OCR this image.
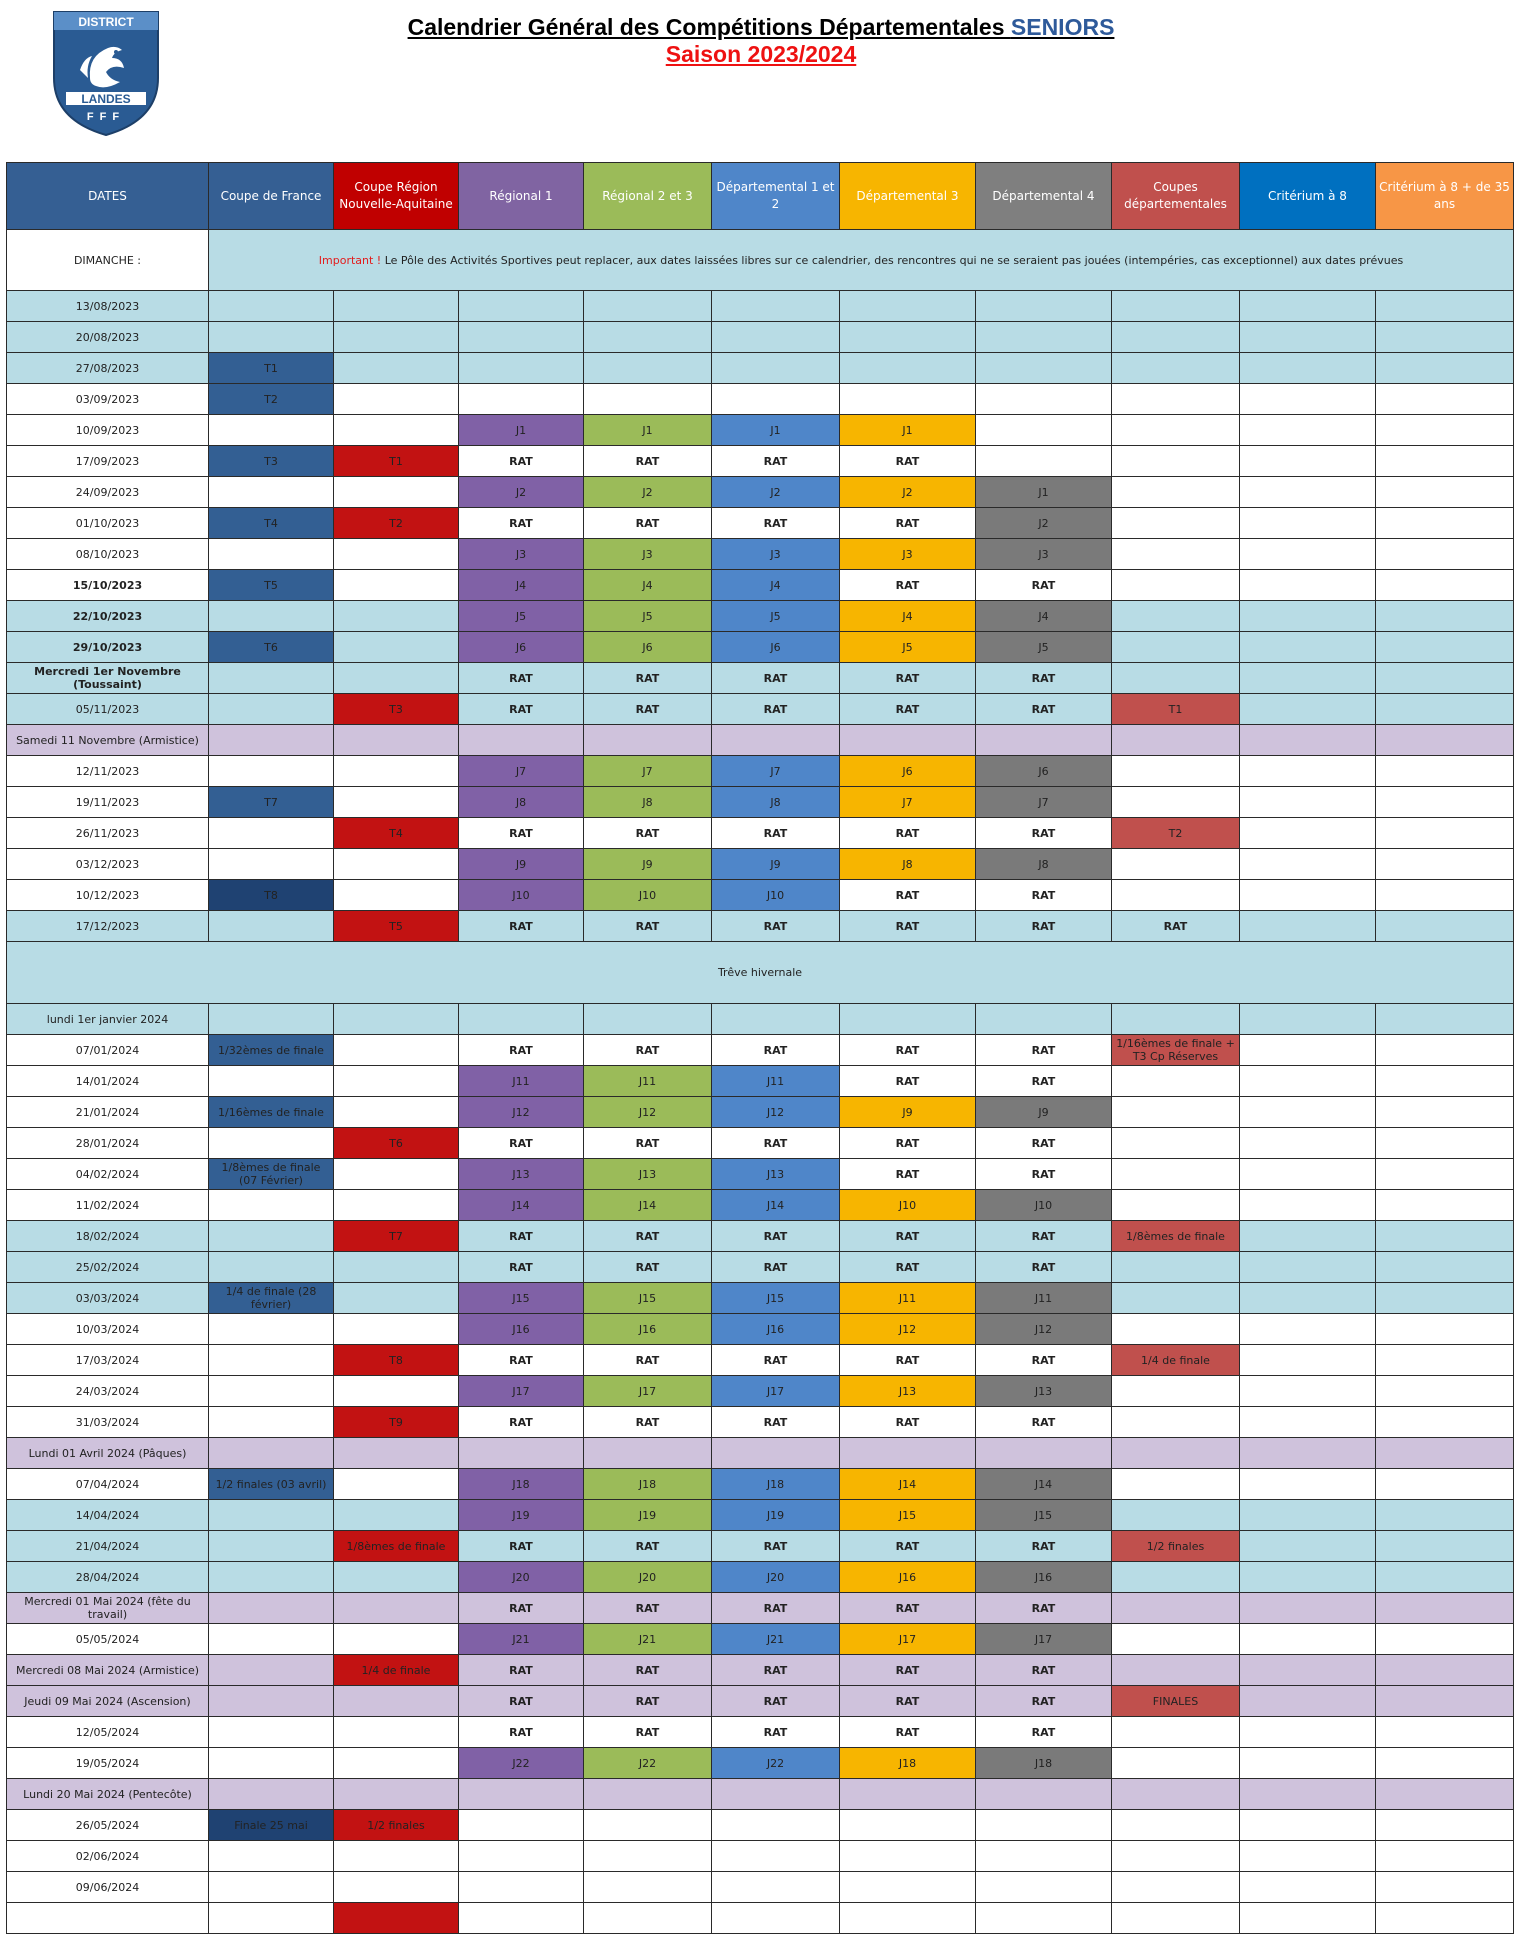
DISTRICT
LANDES
FFF
Calendrier Général des Compétitions Départementales SENIORS
Saison 2023/2024
DATES	Coupe de France	Coupe Région Nouvelle-Aquitaine	Régional 1	Régional 2 et 3	Départemental 1 et 2	Départemental 3	Départemental 4	Coupes départementales	Critérium à 8	Critérium à 8 + de 35 ans
DIMANCHE :	Important ! Le Pôle des Activités Sportives peut replacer, aux dates laissées libres sur ce calendrier, des rencontres qui ne se seraient pas jouées (intempéries, cas exceptionnel) aux dates prévues									
13/08/2023										
20/08/2023										
27/08/2023	T1									
03/09/2023	T2									
10/09/2023			J1	J1	J1	J1				
17/09/2023	T3	T1	RAT	RAT	RAT	RAT				
24/09/2023			J2	J2	J2	J2	J1			
01/10/2023	T4	T2	RAT	RAT	RAT	RAT	J2			
08/10/2023			J3	J3	J3	J3	J3			
15/10/2023	T5		J4	J4	J4	RAT	RAT			
22/10/2023			J5	J5	J5	J4	J4			
29/10/2023	T6		J6	J6	J6	J5	J5			
Mercredi 1er Novembre (Toussaint)			RAT	RAT	RAT	RAT	RAT			
05/11/2023		T3	RAT	RAT	RAT	RAT	RAT	T1		
Samedi 11 Novembre (Armistice)										
12/11/2023			J7	J7	J7	J6	J6			
19/11/2023	T7		J8	J8	J8	J7	J7			
26/11/2023		T4	RAT	RAT	RAT	RAT	RAT	T2		
03/12/2023			J9	J9	J9	J8	J8			
10/12/2023	T8		J10	J10	J10	RAT	RAT			
17/12/2023		T5	RAT	RAT	RAT	RAT	RAT	RAT		
Trêve hivernale										
lundi 1er janvier 2024										
07/01/2024	1/32èmes de finale		RAT	RAT	RAT	RAT	RAT	1/16èmes de finale + T3 Cp Réserves		
14/01/2024			J11	J11	J11	RAT	RAT			
21/01/2024	1/16èmes de finale		J12	J12	J12	J9	J9			
28/01/2024		T6	RAT	RAT	RAT	RAT	RAT			
04/02/2024	1/8èmes de finale (07 Février)		J13	J13	J13	RAT	RAT			
11/02/2024			J14	J14	J14	J10	J10			
18/02/2024		T7	RAT	RAT	RAT	RAT	RAT	1/8èmes de finale		
25/02/2024			RAT	RAT	RAT	RAT	RAT			
03/03/2024	1/4 de finale (28 février)		J15	J15	J15	J11	J11			
10/03/2024			J16	J16	J16	J12	J12			
17/03/2024		T8	RAT	RAT	RAT	RAT	RAT	1/4 de finale		
24/03/2024			J17	J17	J17	J13	J13			
31/03/2024		T9	RAT	RAT	RAT	RAT	RAT			
Lundi 01 Avril 2024 (Pâques)										
07/04/2024	1/2 finales (03 avril)		J18	J18	J18	J14	J14			
14/04/2024			J19	J19	J19	J15	J15			
21/04/2024		1/8èmes de finale	RAT	RAT	RAT	RAT	RAT	1/2 finales		
28/04/2024			J20	J20	J20	J16	J16			
Mercredi 01 Mai 2024 (fête du travail)			RAT	RAT	RAT	RAT	RAT			
05/05/2024			J21	J21	J21	J17	J17			
Mercredi 08 Mai 2024 (Armistice)		1/4 de finale	RAT	RAT	RAT	RAT	RAT			
Jeudi 09 Mai 2024 (Ascension)			RAT	RAT	RAT	RAT	RAT	FINALES		
12/05/2024			RAT	RAT	RAT	RAT	RAT			
19/05/2024			J22	J22	J22	J18	J18			
Lundi 20 Mai 2024 (Pentecôte)										
26/05/2024	Finale 25 mai	1/2 finales								
02/06/2024										
09/06/2024										
